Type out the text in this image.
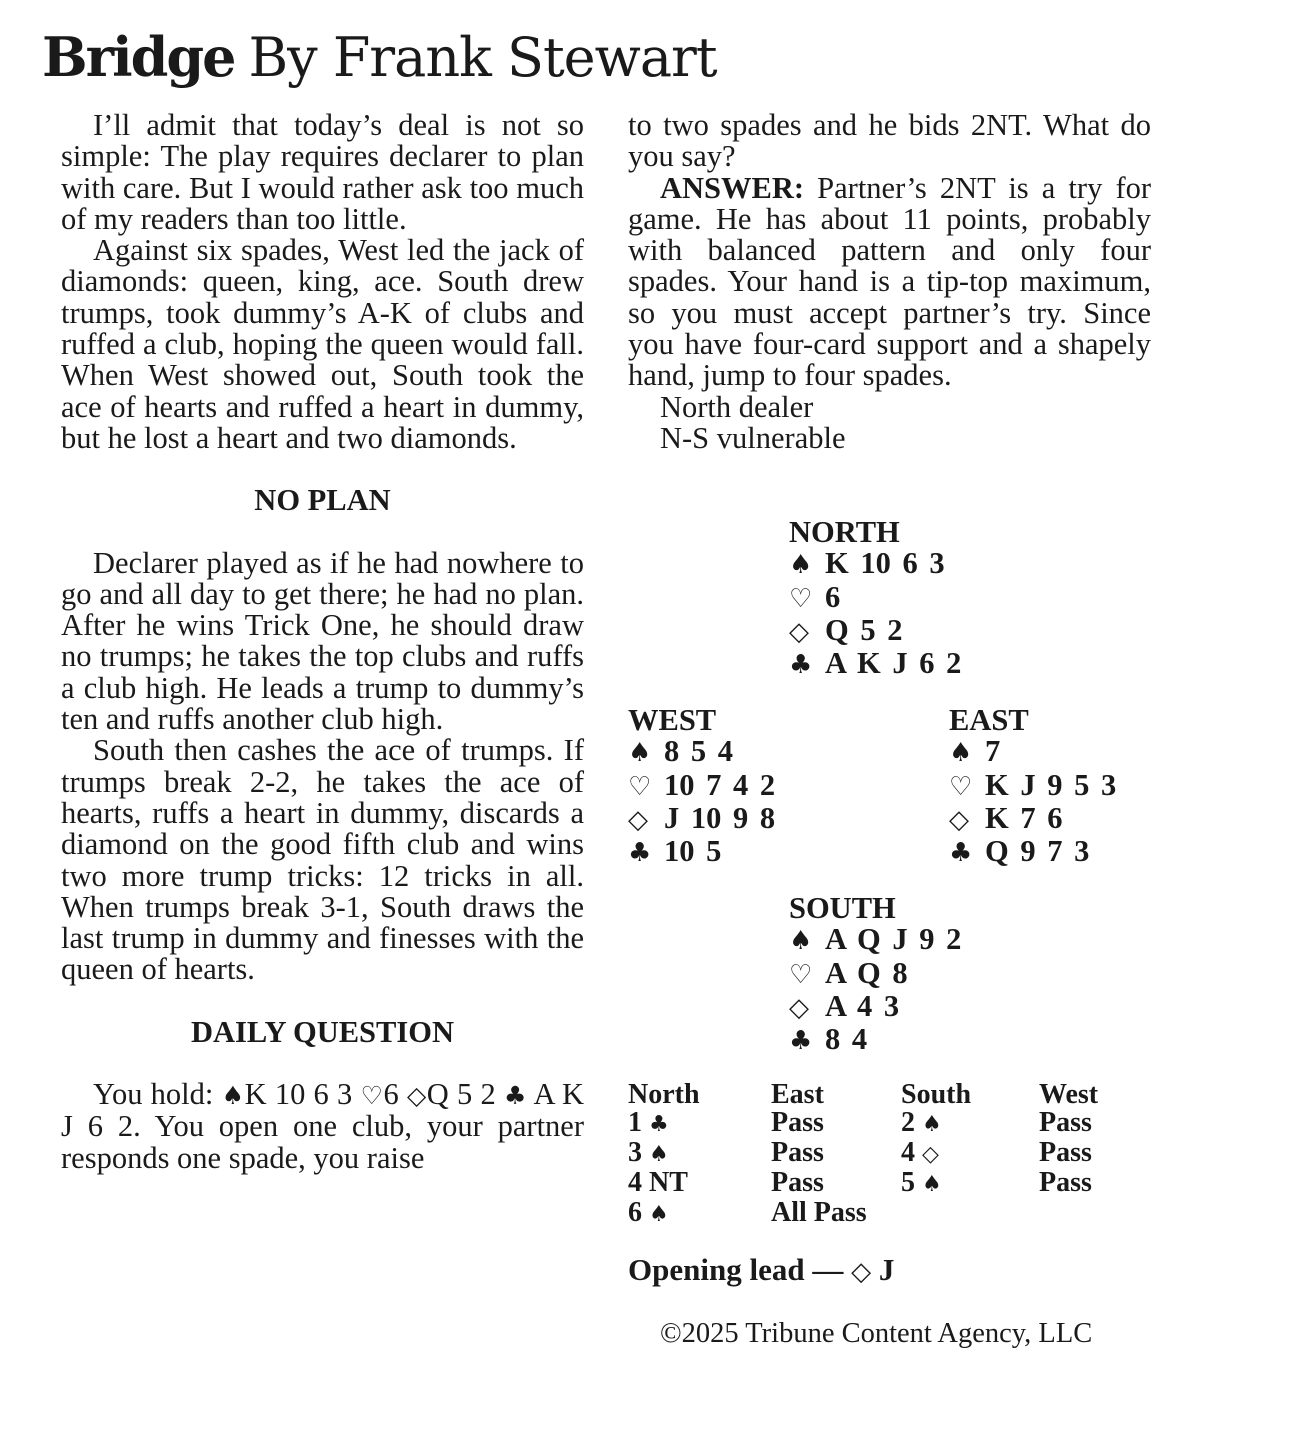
Bridge By Frank Stewart

I’ll admit that today’s deal is not so simple: The play requires declarer to plan with care. But I would rather ask too much of my readers than too little.

Against six spades, West led the jack of diamonds: queen, king, ace. South drew trumps, took dummy’s A-K of clubs and ruffed a club, hoping the queen would fall. When West showed out, South took the ace of hearts and ruffed a heart in dummy, but he lost a heart and two diamonds.

NO PLAN

Declarer played as if he had nowhere to go and all day to get there; he had no plan. After he wins Trick One, he should draw no trumps; he takes the top clubs and ruffs a club high. He leads a trump to dummy’s ten and ruffs another club high.

South then cashes the ace of trumps. If trumps break 2-2, he takes the ace of hearts, ruffs a heart in dummy, discards a diamond on the good fifth club and wins two more trump tricks: 12 tricks in all. When trumps break 3-1, South draws the last trump in dummy and finesses with the queen of hearts.

DAILY QUESTION

You hold: ♠K 10 6 3 ♡6 ◇Q 5 2 ♣ A K J 6 2. You open one club, your partner responds one spade, you raise

to two spades and he bids 2NT. What do you say?

ANSWER: Partner’s 2NT is a try for game. He has about 11 points, probably with balanced pattern and only four spades. Your hand is a tip-top maximum, so you must accept partner’s try. Since you have four-card support and a shapely hand, jump to four spades.

North dealer

N-S vulnerable

NORTH
♠ K 10 6 3
♡ 6
◇ Q 5 2
♣ A K J 6 2
WEST
♠ 8 5 4
♡ 10 7 4 2
◇ J 10 9 8
♣ 10 5
EAST
♠ 7
♡ K J 9 5 3
◇ K 7 6
♣ Q 9 7 3
SOUTH
♠ A Q J 9 2
♡ A Q 8
◇ A 4 3
♣ 8 4
North	East	South	West
1 ♣	Pass	2 ♠	Pass
3 ♠	Pass	4 ◇	Pass
4 NT	Pass	5 ♠	Pass
6 ♠	All Pass
Opening lead — ◇ J
©2025 Tribune Content Agency, LLC
